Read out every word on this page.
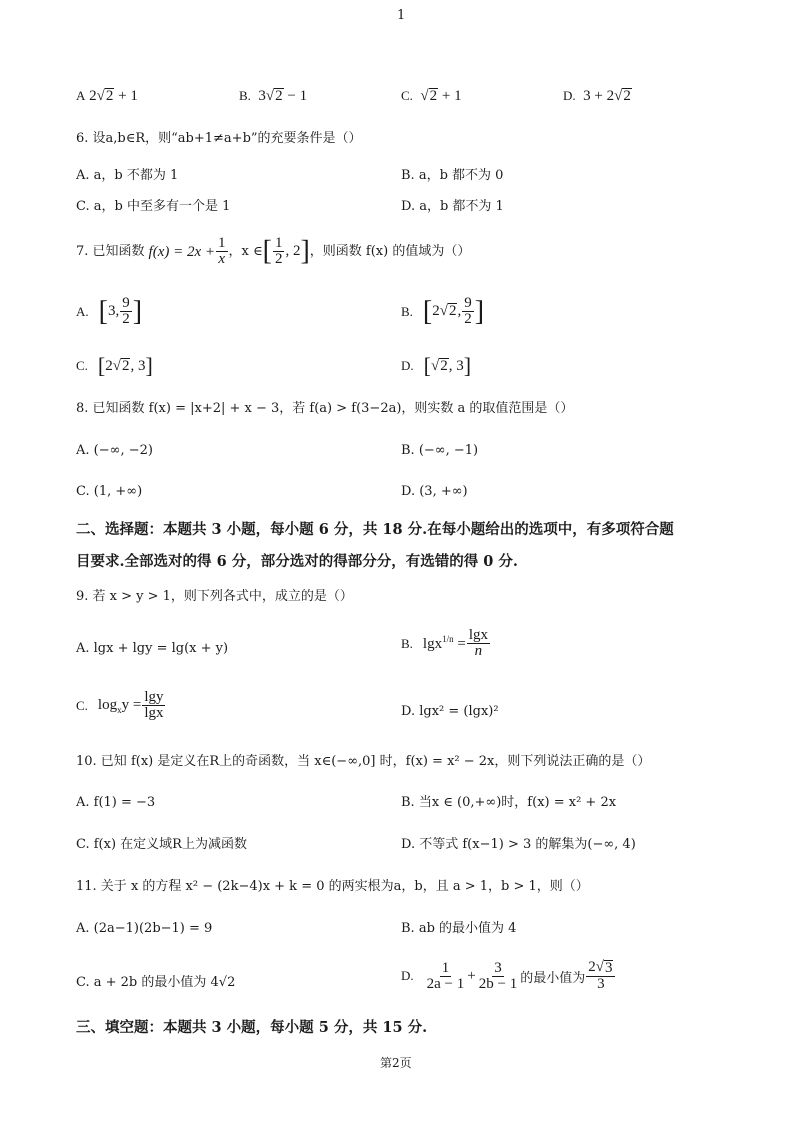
1
A 2 √ 2 + 1	B.  3 √ 2 − 1	C. √ 2 + 1	D.  3 + 2 √ 2
6. 设a,b∈R，则“ab+1≠a+b”的充要条件是（）
A. a，b 不都为 1	B. a，b 都不为 0
C. a，b 中至多有一个是 1	D. a，b 都不为 1
7. 已知函数 $f(x) = 2x + \frac{1}{x}$ ，x ∈ [ $\frac{1}{2}$ , 2] ，则函数 f(x) 的值域为（）
A. [ 3, $\frac{9}{2}$ ]	B. [ 2 √ 2 , $\frac{9}{2}$ ]
C. [ 2 √ 2 , 3 ]	D. [ √ 2 , 3 ]
8. 已知函数 f(x) = |x+2| + x − 3，若 f(a) > f(3−2a)，则实数 a 的取值范围是（）
A. (−∞, −2)	B. (−∞, −1)
C. (1, +∞)	D. (3, +∞)
二、选择题：本题共 3 小题，每小题 6 分，共 18 分.在每小题给出的选项中，有多项符合题
目要求.全部选对的得 6 分，部分选对的得部分分，有选错的得 0 分.
9. 若 x > y > 1，则下列各式中，成立的是（）
A. lgx + lgy = lg(x + y)	B. $\lg x^{1/n} = \frac{\lg x}{n}$
C. $\log_xy = \frac{\lg y}{\lg x}$	D. lgx² = (lgx)²
10. 已知 f(x) 是定义在R上的奇函数，当 x∈(−∞,0] 时，f(x) = x² − 2x，则下列说法正确的是（）
A. f(1) = −3	B. 当x ∈ (0,+∞)时，f(x) = x² + 2x
C. f(x) 在定义域R上为减函数	D. 不等式 f(x−1) > 3 的解集为(−∞, 4)
11. 关于 x 的方程 x² − (2k−4)x + k = 0 的两实根为a，b，且 a > 1，b > 1，则（）
A. (2a−1)(2b−1) = 9	B. ab 的最小值为 4
C. a + 2b 的最小值为 4√2	D. $\frac{1}{2a - 1} + \frac{3}{2b - 1}$ 的最小值为 $\frac{2 √ 3}{3}$
三、填空题：本题共 3 小题，每小题 5 分，共 15 分.
第2页
